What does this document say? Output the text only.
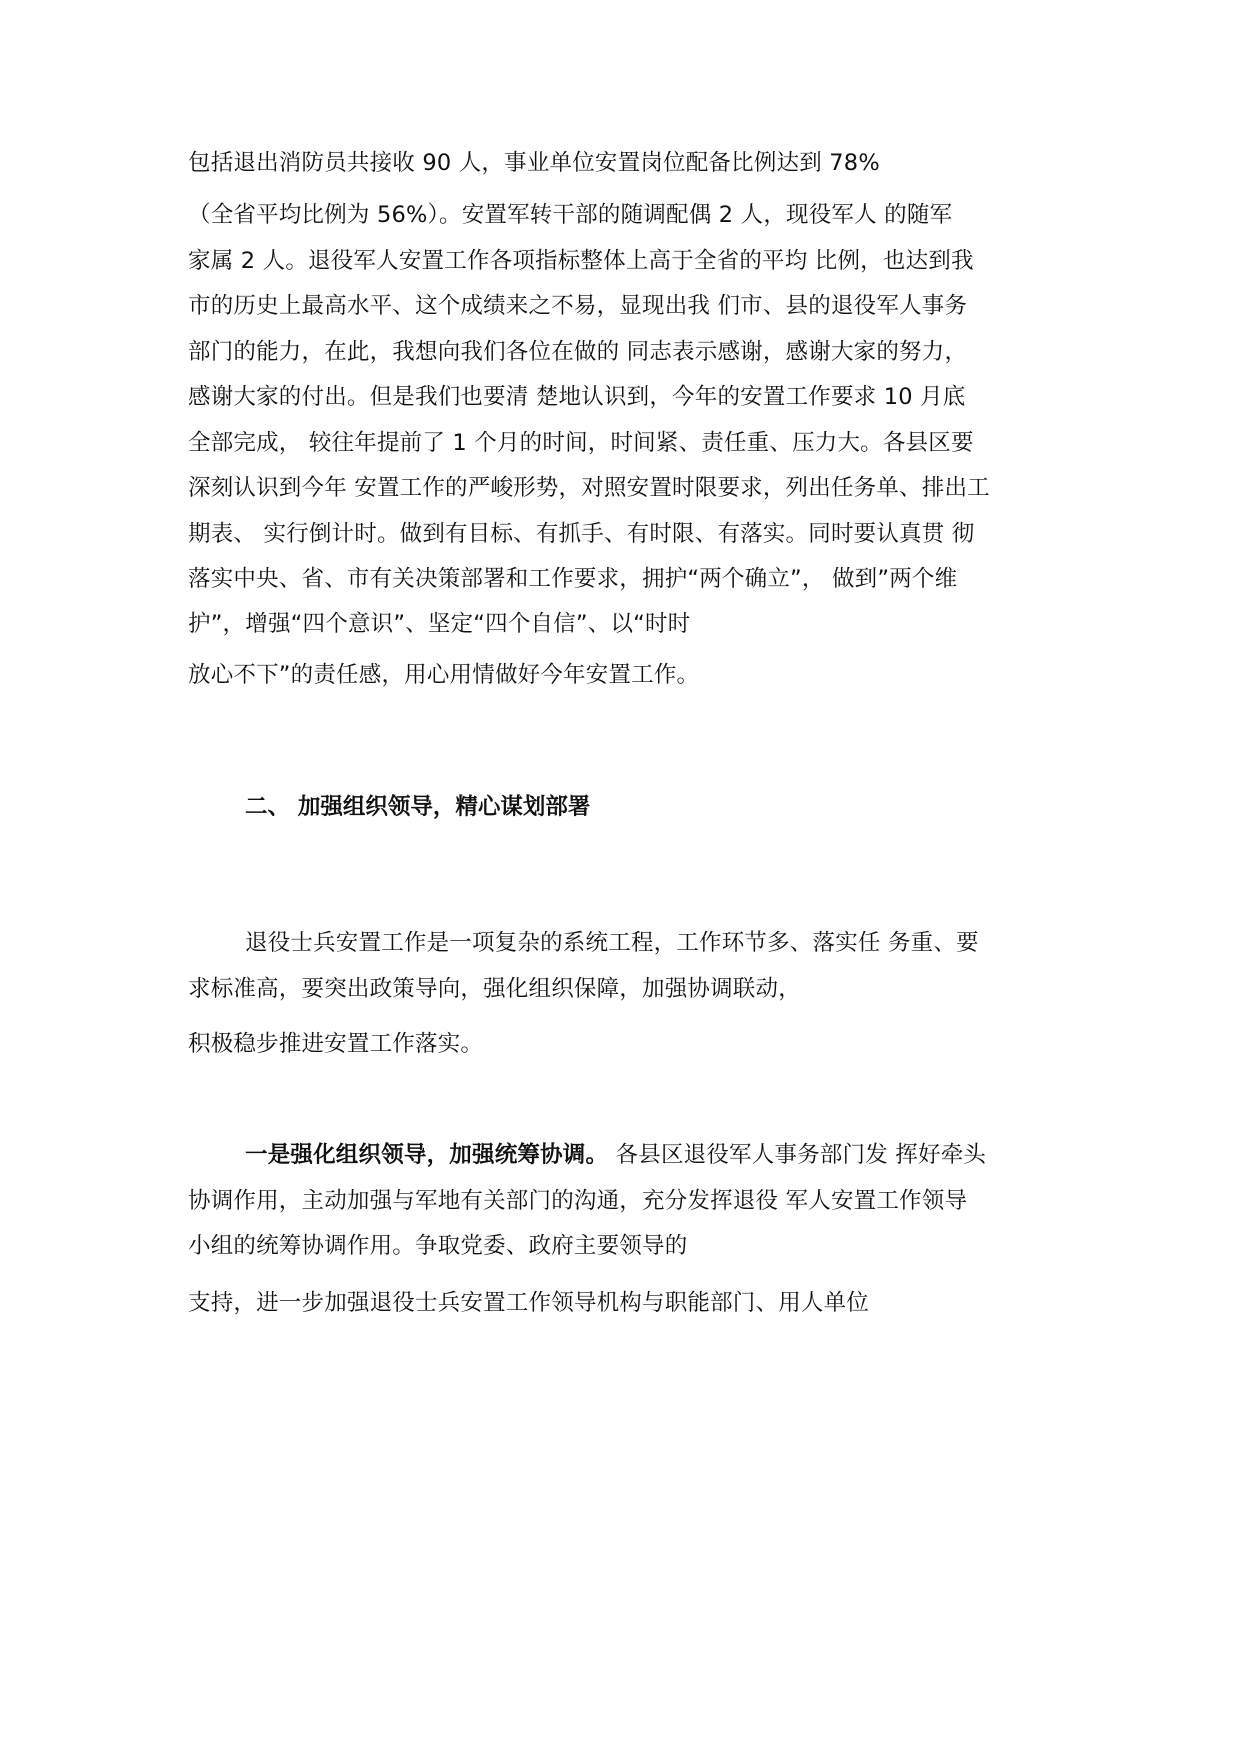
包括退出消防员共接收 90 人，事业单位安置岗位配备比例达到 78%
（全省平均比例为 56%）。安置军转干部的随调配偶 2 人，现役军人 的随军
家属 2 人。退役军人安置工作各项指标整体上高于全省的平均 比例，也达到我
市的历史上最高水平、这个成绩来之不易，显现出我 们市、县的退役军人事务
部门的能力，在此，我想向我们各位在做的 同志表示感谢，感谢大家的努力，
感谢大家的付出。但是我们也要清 楚地认识到，今年的安置工作要求 10 月底
全部完成， 较往年提前了 1 个月的时间，时间紧、责任重、压力大。各县区要
深刻认识到今年 安置工作的严峻形势，对照安置时限要求，列出任务单、排出工
期表、 实行倒计时。做到有目标、有抓手、有时限、有落实。同时要认真贯 彻
落实中央、省、市有关决策部署和工作要求，拥护“两个确立”， 做到”两个维
护”，增强“四个意识”、坚定“四个自信”、以“时时
放心不下”的责任感，用心用情做好今年安置工作。
二、 加强组织领导，精心谋划部署
退役士兵安置工作是一项复杂的系统工程，工作环节多、落实任 务重、要
求标准高，要突出政策导向，强化组织保障，加强协调联动，
积极稳步推进安置工作落实。
一是强化组织领导，加强统筹协调。 各县区退役军人事务部门发 挥好牵头
协调作用，主动加强与军地有关部门的沟通，充分发挥退役 军人安置工作领导
小组的统筹协调作用。争取党委、政府主要领导的
支持，进一步加强退役士兵安置工作领导机构与职能部门、用人单位
